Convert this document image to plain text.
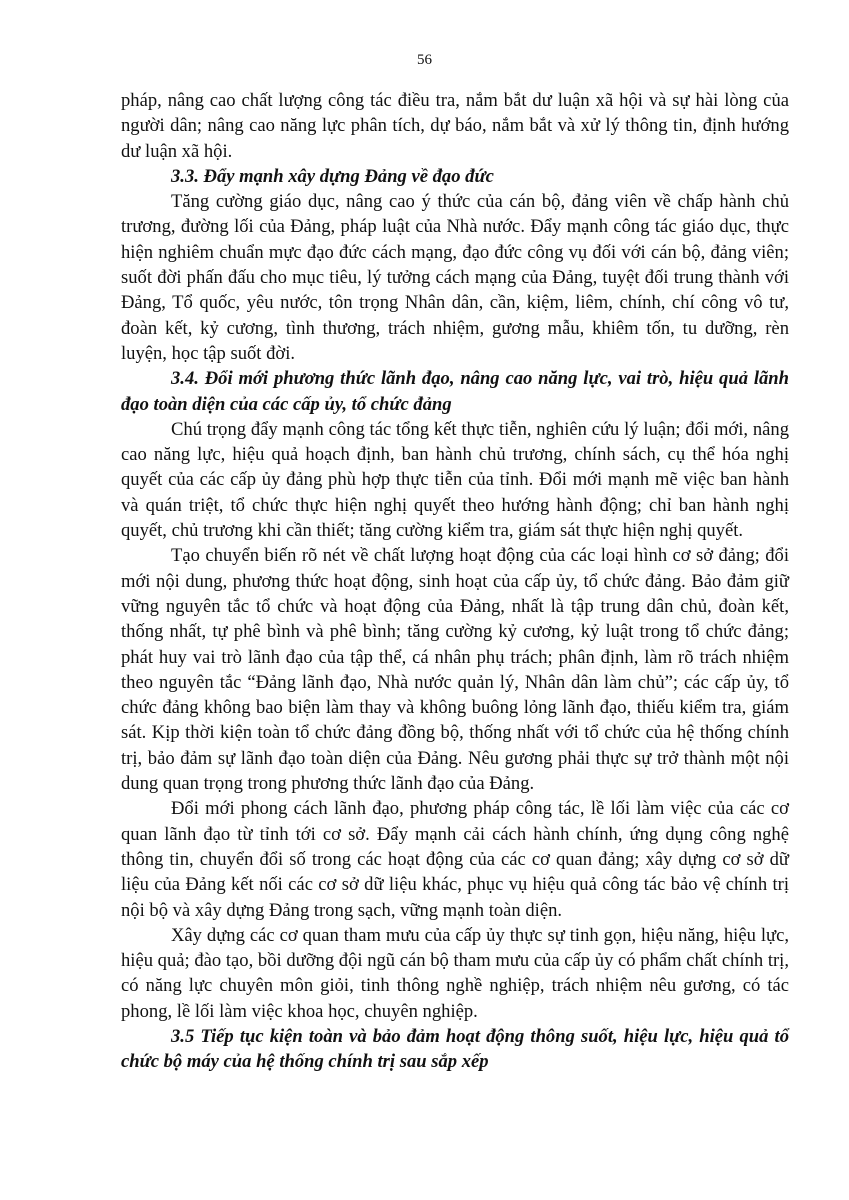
56

pháp, nâng cao chất lượng công tác điều tra, nắm bắt dư luận xã hội và sự hài lòng của người dân; nâng cao năng lực phân tích, dự báo, nắm bắt và xử lý thông tin, định hướng dư luận xã hội.

3.3. Đẩy mạnh xây dựng Đảng về đạo đức

Tăng cường giáo dục, nâng cao ý thức của cán bộ, đảng viên về chấp hành chủ trương, đường lối của Đảng, pháp luật của Nhà nước. Đẩy mạnh công tác giáo dục, thực hiện nghiêm chuẩn mực đạo đức cách mạng, đạo đức công vụ đối với cán bộ, đảng viên; suốt đời phấn đấu cho mục tiêu, lý tưởng cách mạng của Đảng, tuyệt đối trung thành với Đảng, Tổ quốc, yêu nước, tôn trọng Nhân dân, cần, kiệm, liêm, chính, chí công vô tư, đoàn kết, kỷ cương, tình thương, trách nhiệm, gương mẫu, khiêm tốn, tu dưỡng, rèn luyện, học tập suốt đời.

3.4. Đổi mới phương thức lãnh đạo, nâng cao năng lực, vai trò, hiệu quả lãnh đạo toàn diện của các cấp ủy, tổ chức đảng

Chú trọng đẩy mạnh công tác tổng kết thực tiễn, nghiên cứu lý luận; đổi mới, nâng cao năng lực, hiệu quả hoạch định, ban hành chủ trương, chính sách, cụ thể hóa nghị quyết của các cấp ủy đảng phù hợp thực tiễn của tỉnh. Đổi mới mạnh mẽ việc ban hành và quán triệt, tổ chức thực hiện nghị quyết theo hướng hành động; chỉ ban hành nghị quyết, chủ trương khi cần thiết; tăng cường kiểm tra, giám sát thực hiện nghị quyết.

Tạo chuyển biến rõ nét về chất lượng hoạt động của các loại hình cơ sở đảng; đổi mới nội dung, phương thức hoạt động, sinh hoạt của cấp ủy, tổ chức đảng. Bảo đảm giữ vững nguyên tắc tổ chức và hoạt động của Đảng, nhất là tập trung dân chủ, đoàn kết, thống nhất, tự phê bình và phê bình; tăng cường kỷ cương, kỷ luật trong tổ chức đảng; phát huy vai trò lãnh đạo của tập thể, cá nhân phụ trách; phân định, làm rõ trách nhiệm theo nguyên tắc “Đảng lãnh đạo, Nhà nước quản lý, Nhân dân làm chủ”; các cấp ủy, tổ chức đảng không bao biện làm thay và không buông lỏng lãnh đạo, thiếu kiểm tra, giám sát. Kịp thời kiện toàn tổ chức đảng đồng bộ, thống nhất với tổ chức của hệ thống chính trị, bảo đảm sự lãnh đạo toàn diện của Đảng. Nêu gương phải thực sự trở thành một nội dung quan trọng trong phương thức lãnh đạo của Đảng.

Đổi mới phong cách lãnh đạo, phương pháp công tác, lề lối làm việc của các cơ quan lãnh đạo từ tỉnh tới cơ sở. Đẩy mạnh cải cách hành chính, ứng dụng công nghệ thông tin, chuyển đổi số trong các hoạt động của các cơ quan đảng; xây dựng cơ sở dữ liệu của Đảng kết nối các cơ sở dữ liệu khác, phục vụ hiệu quả công tác bảo vệ chính trị nội bộ và xây dựng Đảng trong sạch, vững mạnh toàn diện.

Xây dựng các cơ quan tham mưu của cấp ủy thực sự tinh gọn, hiệu năng, hiệu lực, hiệu quả; đào tạo, bồi dưỡng đội ngũ cán bộ tham mưu của cấp ủy có phẩm chất chính trị, có năng lực chuyên môn giỏi, tinh thông nghề nghiệp, trách nhiệm nêu gương, có tác phong, lề lối làm việc khoa học, chuyên nghiệp.

3.5 Tiếp tục kiện toàn và bảo đảm hoạt động thông suốt, hiệu lực, hiệu quả tổ chức bộ máy của hệ thống chính trị sau sắp xếp
